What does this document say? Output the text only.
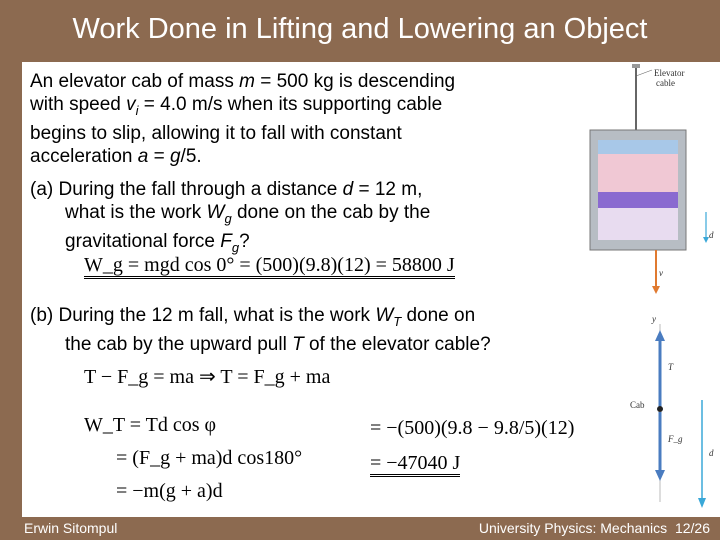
Work Done in Lifting and Lowering an Object
An elevator cab of mass m = 500 kg is descending
with speed $v_i = 4.0$ m/s when its supporting cable
begins to slip, allowing it to fall with constant
acceleration a = g/5.
(a) During the fall through a distance d = 12 m,
what is the work $W_g$ done on the cab by the
gravitational force $F_g$?
W_g = mgd cos 0° = (500)(9.8)(12) = 58800 J
(b) During the 12 m fall, what is the work $W_T$ done on
the cab by the upward pull T of the elevator cable?
T − F_g = ma ⇒ T = F_g + ma
W_T = Td cos φ
= (F_g + ma)d cos180°
= −m(g + a)d
= −(500)(9.8 − 9.8/5)(12)
= −47040 J
Elevator
cable
d
v
y
T
Cab
F_g
d
Erwin Sitompul	University Physics: Mechanics 12/26
